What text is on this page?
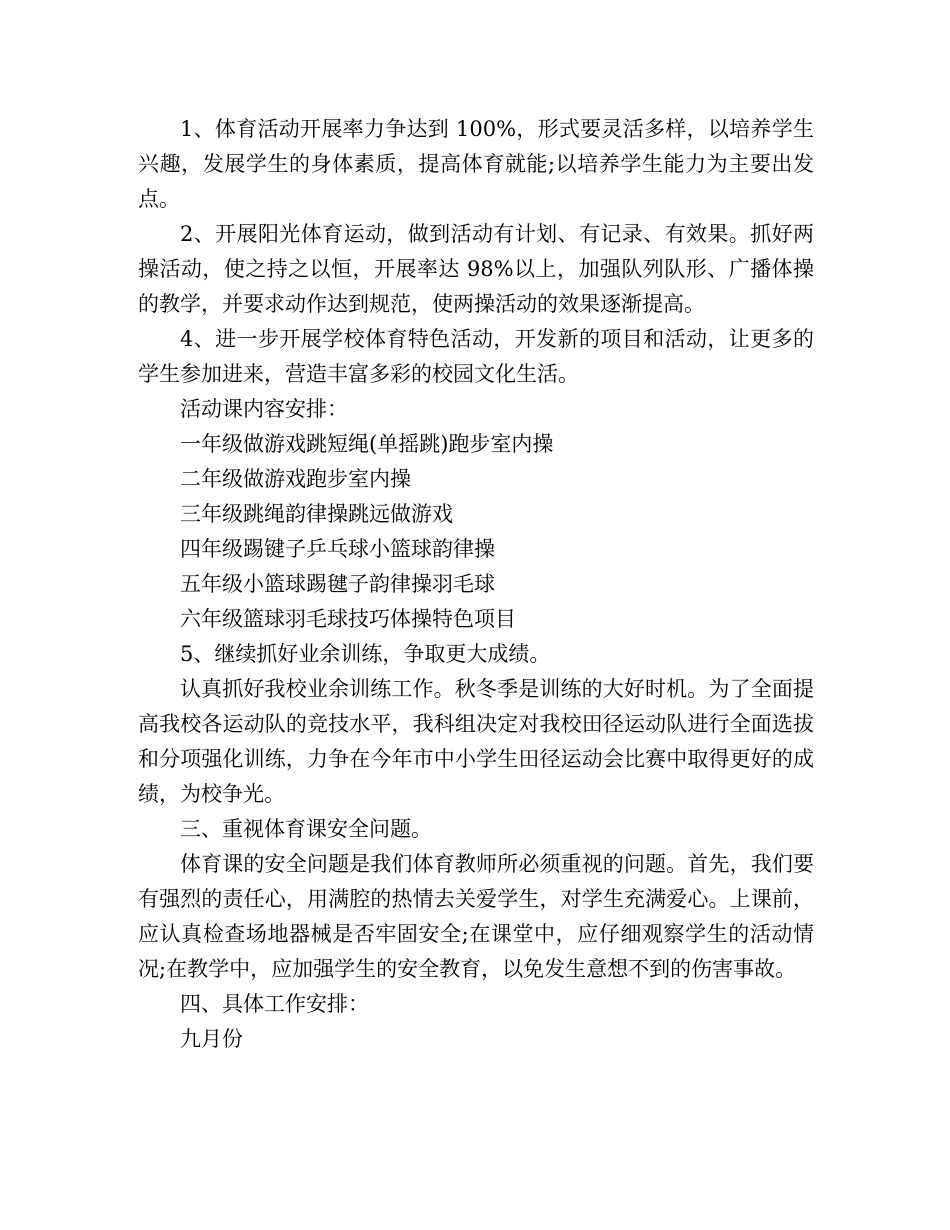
1、体育活动开展率力争达到 100%，形式要灵活多样，以培养学生兴趣，发展学生的身体素质，提高体育就能;以培养学生能力为主要出发点。

2、开展阳光体育运动，做到活动有计划、有记录、有效果。抓好两操活动，使之持之以恒，开展率达 98%以上，加强队列队形、广播体操的教学，并要求动作达到规范，使两操活动的效果逐渐提高。

4、进一步开展学校体育特色活动，开发新的项目和活动，让更多的学生参加进来，营造丰富多彩的校园文化生活。

活动课内容安排：

一年级做游戏跳短绳(单摇跳)跑步室内操

二年级做游戏跑步室内操

三年级跳绳韵律操跳远做游戏

四年级踢键子乒乓球小篮球韵律操

五年级小篮球踢毽子韵律操羽毛球

六年级篮球羽毛球技巧体操特色项目

5、继续抓好业余训练，争取更大成绩。

认真抓好我校业余训练工作。秋冬季是训练的大好时机。为了全面提高我校各运动队的竞技水平，我科组决定对我校田径运动队进行全面选拔和分项强化训练，力争在今年市中小学生田径运动会比赛中取得更好的成绩，为校争光。

三、重视体育课安全问题。

体育课的安全问题是我们体育教师所必须重视的问题。首先，我们要有强烈的责任心，用满腔的热情去关爱学生，对学生充满爱心。上课前，应认真检查场地器械是否牢固安全;在课堂中，应仔细观察学生的活动情况;在教学中，应加强学生的安全教育，以免发生意想不到的伤害事故。

四、具体工作安排：

九月份
